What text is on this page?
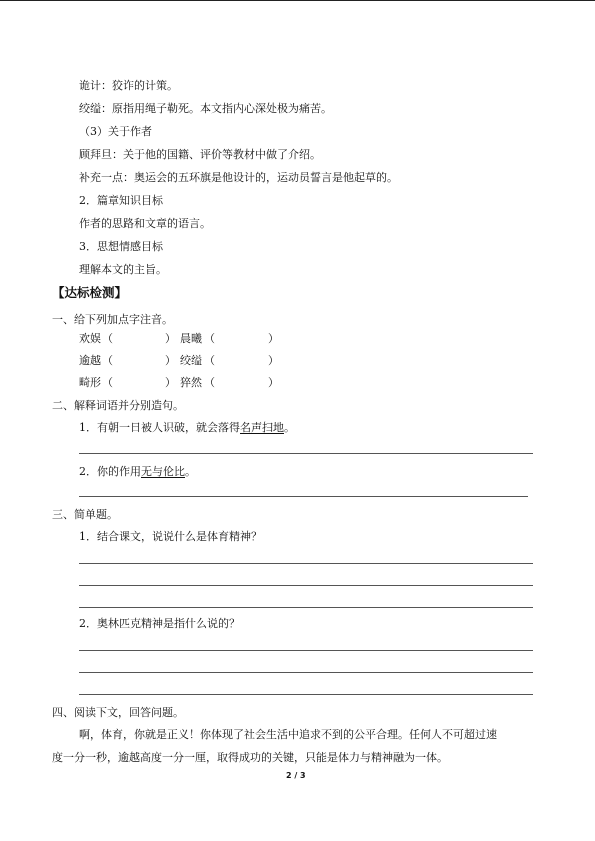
诡计：狡诈的计策。
绞缢：原指用绳子勒死。本文指内心深处极为痛苦。
（3）关于作者
顾拜旦：关于他的国籍、评价等教材中做了介绍。
补充一点：奥运会的五环旗是他设计的，运动员誓言是他起草的。
2．篇章知识目标
作者的思路和文章的语言。
3．思想情感目标
理解本文的主旨。
【达标检测】
一、给下列加点字注音。
欢娱 （	） 晨曦 （	）
逾越 （	） 绞缢 （	）
畸形 （	） 猝然 （	）
二、解释词语并分别造句。
1．有朝一日被人识破，就会落得名声扫地。
2．你的作用无与伦比。
三、简单题。
1．结合课文，说说什么是体育精神？
2．奥林匹克精神是指什么说的？
四、阅读下文，回答问题。
啊，体育，你就是正义！你体现了社会生活中追求不到的公平合理。任何人不可超过速
度一分一秒，逾越高度一分一厘，取得成功的关键，只能是体力与精神融为一体。
2 / 3
